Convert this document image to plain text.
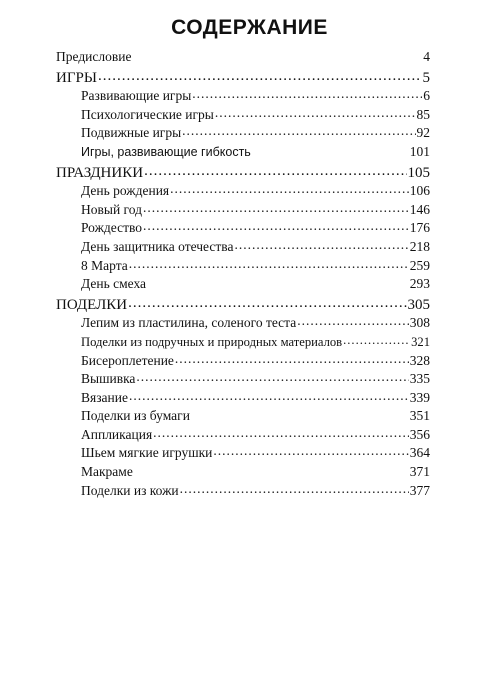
СОДЕРЖАНИЕ
Предисловие	4
ИГРЫ .....	5
Развивающие игры .....	6
Психологические игры .....	85
Подвижные игры .....	92
Игры, развивающие гибкость	101
ПРАЗДНИКИ .....	105
День рождения .....	106
Новый год .....	146
Рождество .....	176
День защитника отечества .....	218
8 Марта .....	259
День смеха	293
ПОДЕЛКИ .....	305
Лепим из пластилина, соленого теста .....	308
Поделки из подручных и природных материалов .....	321
Бисероплетение .....	328
Вышивка .....	335
Вязание .....	339
Поделки из бумаги	351
Аппликация .....	356
Шьем мягкие игрушки .....	364
Макраме	371
Поделки из кожи .....	377
